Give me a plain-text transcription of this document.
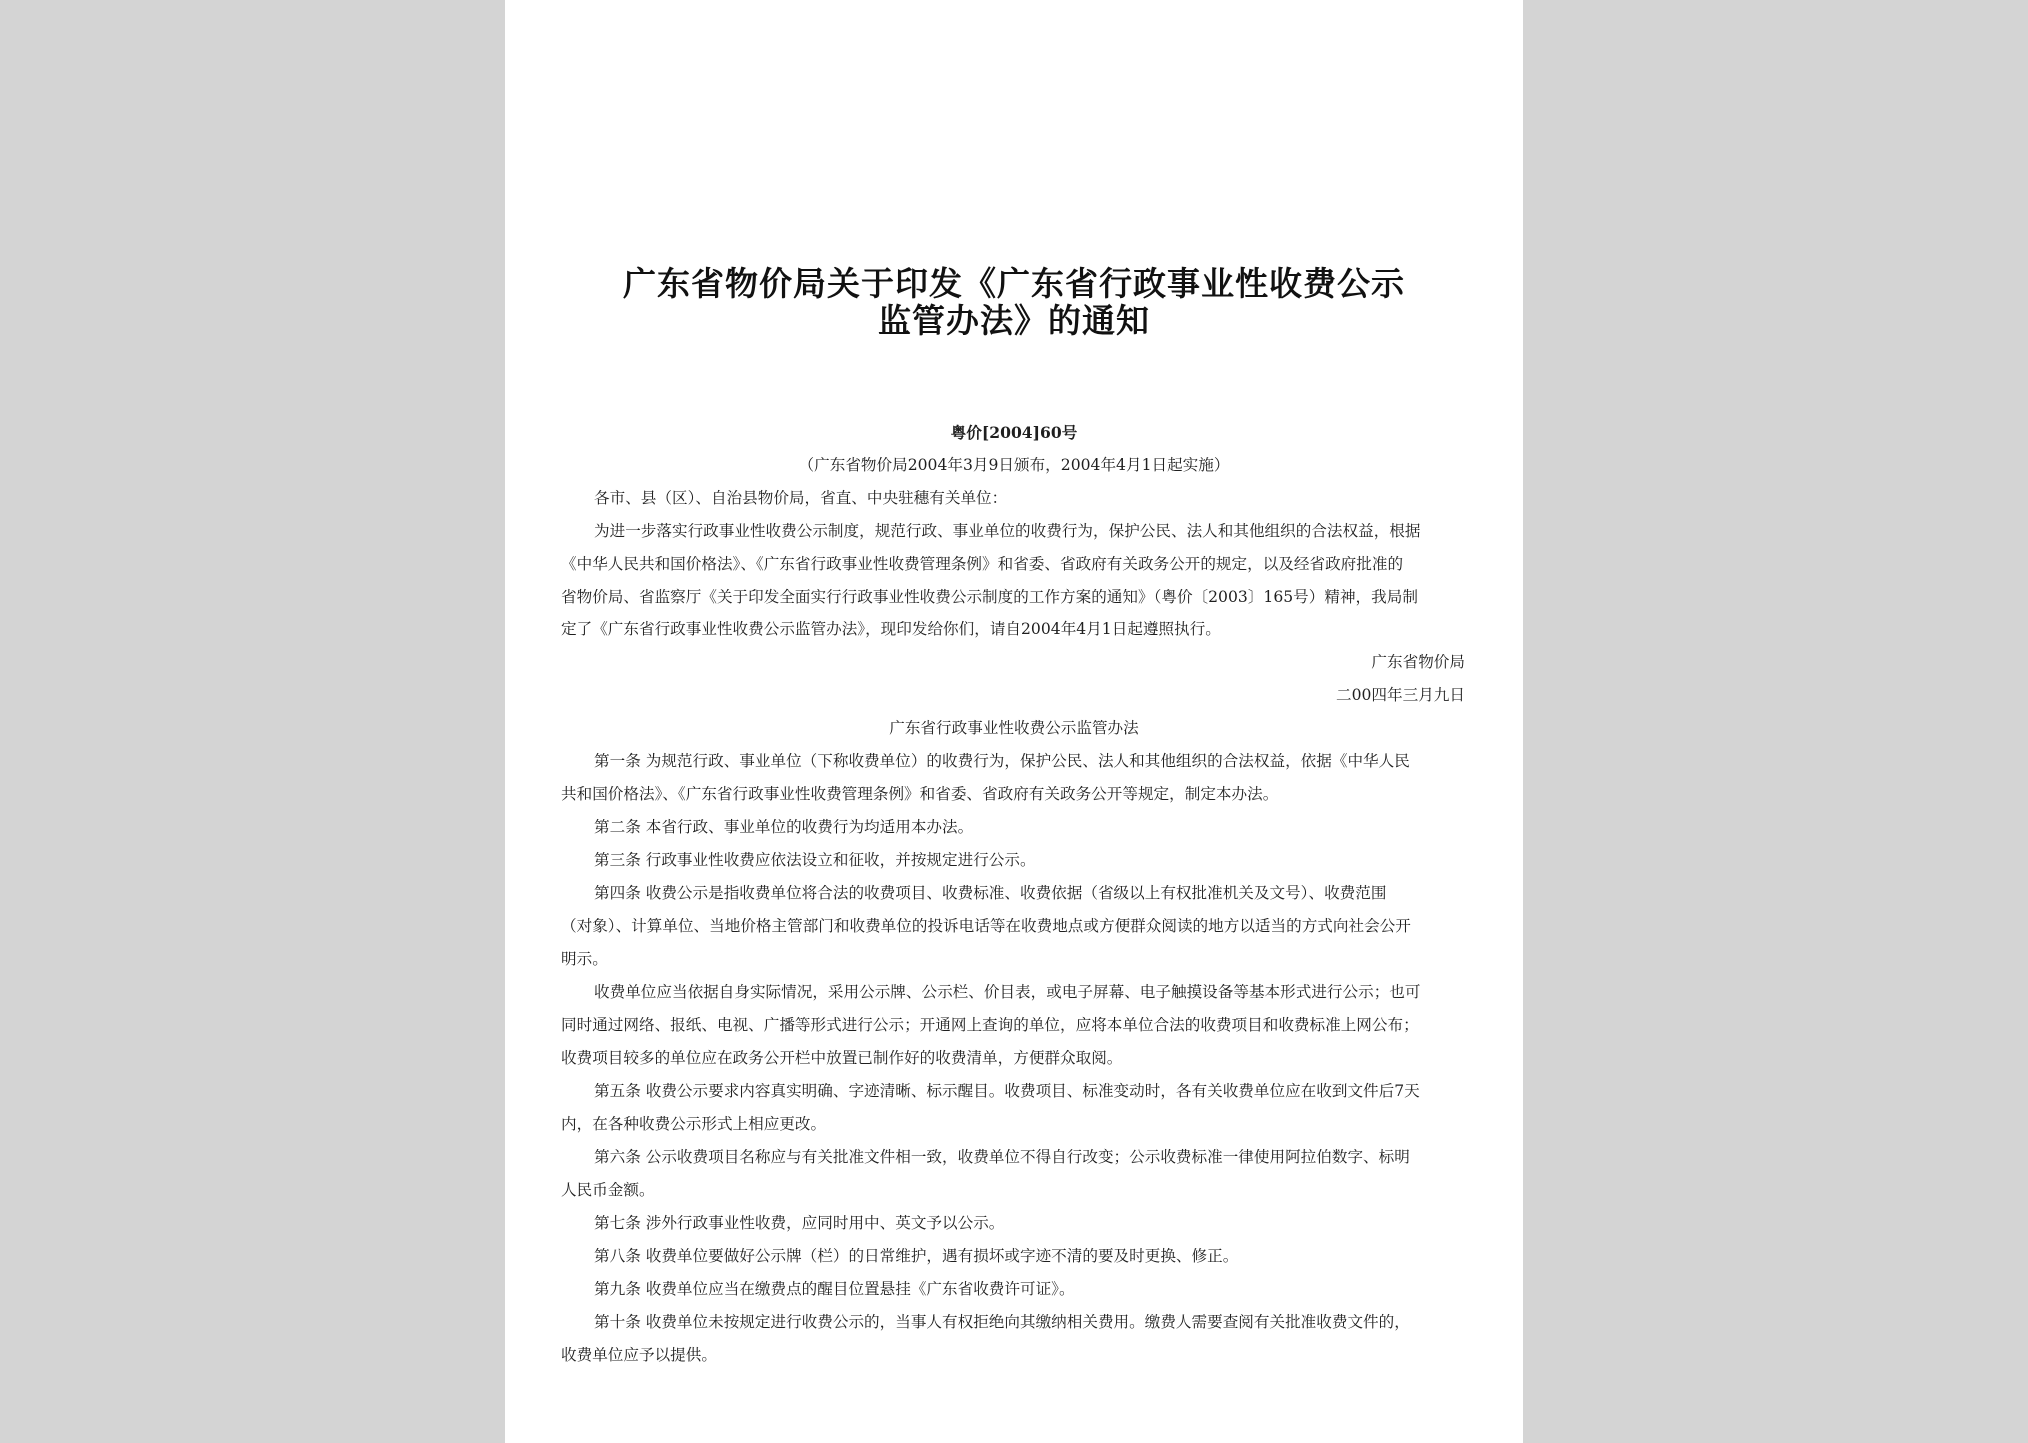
广东省物价局关于印发《广东省行政事业性收费公示
监管办法》的通知
粤价[2004]60号
（广东省物价局2004年3月9日颁布，2004年4月1日起实施）
各市、县（区）、自治县物价局，省直、中央驻穗有关单位：
为进一步落实行政事业性收费公示制度，规范行政、事业单位的收费行为，保护公民、法人和其他组织的合法权益，根据
《中华人民共和国价格法》、《广东省行政事业性收费管理条例》和省委、省政府有关政务公开的规定，以及经省政府批准的
省物价局、省监察厅《关于印发全面实行行政事业性收费公示制度的工作方案的通知》（粤价〔2003〕165号）精神，我局制
定了《广东省行政事业性收费公示监管办法》，现印发给你们，请自2004年4月1日起遵照执行。
广东省物价局
二00四年三月九日
广东省行政事业性收费公示监管办法
第一条 为规范行政、事业单位（下称收费单位）的收费行为，保护公民、法人和其他组织的合法权益，依据《中华人民
共和国价格法》、《广东省行政事业性收费管理条例》和省委、省政府有关政务公开等规定，制定本办法。
第二条 本省行政、事业单位的收费行为均适用本办法。
第三条 行政事业性收费应依法设立和征收，并按规定进行公示。
第四条 收费公示是指收费单位将合法的收费项目、收费标准、收费依据（省级以上有权批准机关及文号）、收费范围
（对象）、计算单位、当地价格主管部门和收费单位的投诉电话等在收费地点或方便群众阅读的地方以适当的方式向社会公开
明示。
收费单位应当依据自身实际情况，采用公示牌、公示栏、价目表，或电子屏幕、电子触摸设备等基本形式进行公示；也可
同时通过网络、报纸、电视、广播等形式进行公示；开通网上查询的单位，应将本单位合法的收费项目和收费标准上网公布；
收费项目较多的单位应在政务公开栏中放置已制作好的收费清单，方便群众取阅。
第五条 收费公示要求内容真实明确、字迹清晰、标示醒目。收费项目、标准变动时，各有关收费单位应在收到文件后7天
内，在各种收费公示形式上相应更改。
第六条 公示收费项目名称应与有关批准文件相一致，收费单位不得自行改变；公示收费标准一律使用阿拉伯数字、标明
人民币金额。
第七条 涉外行政事业性收费，应同时用中、英文予以公示。
第八条 收费单位要做好公示牌（栏）的日常维护，遇有损坏或字迹不清的要及时更换、修正。
第九条 收费单位应当在缴费点的醒目位置悬挂《广东省收费许可证》。
第十条 收费单位未按规定进行收费公示的，当事人有权拒绝向其缴纳相关费用。缴费人需要查阅有关批准收费文件的，
收费单位应予以提供。
